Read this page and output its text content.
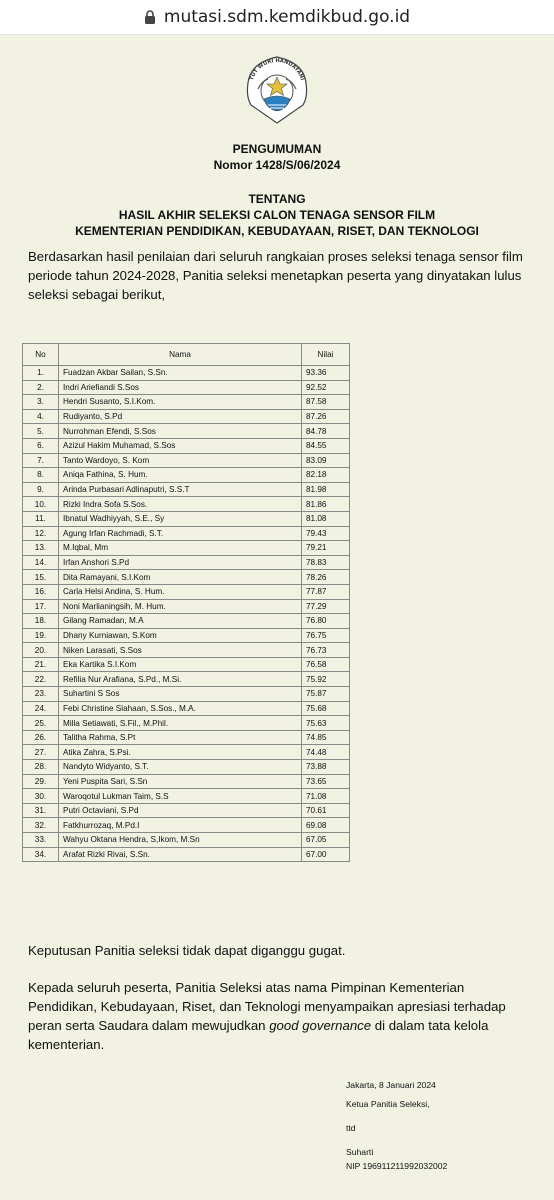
mutasi.sdm.kemdikbud.go.id
TUT WURI HANDAYANI
PENGUMUMAN
Nomor 1428/S/06/2024
TENTANG
HASIL AKHIR SELEKSI CALON TENAGA SENSOR FILM
KEMENTERIAN PENDIDIKAN, KEBUDAYAAN, RISET, DAN TEKNOLOGI
Berdasarkan hasil penilaian dari seluruh rangkaian proses seleksi tenaga sensor film
periode tahun 2024-2028, Panitia seleksi menetapkan peserta yang dinyatakan lulus
seleksi sebagai berikut,
No	Nama	Nilai
1.	Fuadzan Akbar Sailan, S.Sn.	93.36
2.	Indri Ariefiandi S.Sos	92.52
3.	Hendri Susanto, S.I.Kom.	87.58
4.	Rudiyanto, S.Pd	87.26
5.	Nurrohman Efendi, S.Sos	84.78
6.	Azizul Hakim Muhamad, S.Sos	84.55
7.	Tanto Wardoyo, S. Kom	83.09
8.	Aniqa Fathina, S. Hum.	82.18
9.	Arinda Purbasari Adlinaputri, S.S.T	81.98
10.	Rizki Indra Sofa S.Sos.	81.86
11.	Ibnatul Wadhiyyah, S.E., Sy	81.08
12.	Agung Irfan Rachmadi, S.T.	79.43
13.	M.Iqbal, Mm	79.21
14.	Irfan Anshori S.Pd	78.83
15.	Dita Ramayani, S.I.Kom	78.26
16.	Carla Helsi Andina, S. Hum.	77.87
17.	Noni Marlianingsih, M. Hum.	77.29
18.	Gilang Ramadan, M.A	76.80
19.	Dhany Kurniawan, S.Kom	76.75
20.	Niken Larasati, S.Sos	76.73
21.	Eka Kartika S.I.Kom	76.58
22.	Refilia Nur Arafiana, S.Pd., M.Si.	75.92
23.	Suhartini S Sos	75.87
24.	Febi Christine Siahaan, S.Sos., M.A.	75.68
25.	Milla Setiawati, S.Fil., M.Phil.	75.63
26.	Talitha Rahma, S.Pt	74.85
27.	Atika Zahra, S.Psi.	74.48
28.	Nandyto Widyanto, S.T.	73.88
29.	Yeni Puspita Sari, S.Sn	73.65
30.	Waroqotul Lukman Taim, S.S	71.08
31.	Putri Octaviani, S.Pd	70.61
32.	Fatkhurrozaq, M.Pd.I	69.08
33.	Wahyu Oktana Hendra, S,Ikom, M.Sn	67.05
34.	Arafat Rizki Rivai, S.Sn.	67.00
Keputusan Panitia seleksi tidak dapat diganggu gugat.
Kepada seluruh peserta, Panitia Seleksi atas nama Pimpinan Kementerian
Pendidikan, Kebudayaan, Riset, dan Teknologi menyampaikan apresiasi terhadap
peran serta Saudara dalam mewujudkan good governance di dalam tata kelola
kementerian.
Jakarta, 8 Januari 2024
Ketua Panitia Seleksi,
ttd
Suharti
NIP 196911211992032002
